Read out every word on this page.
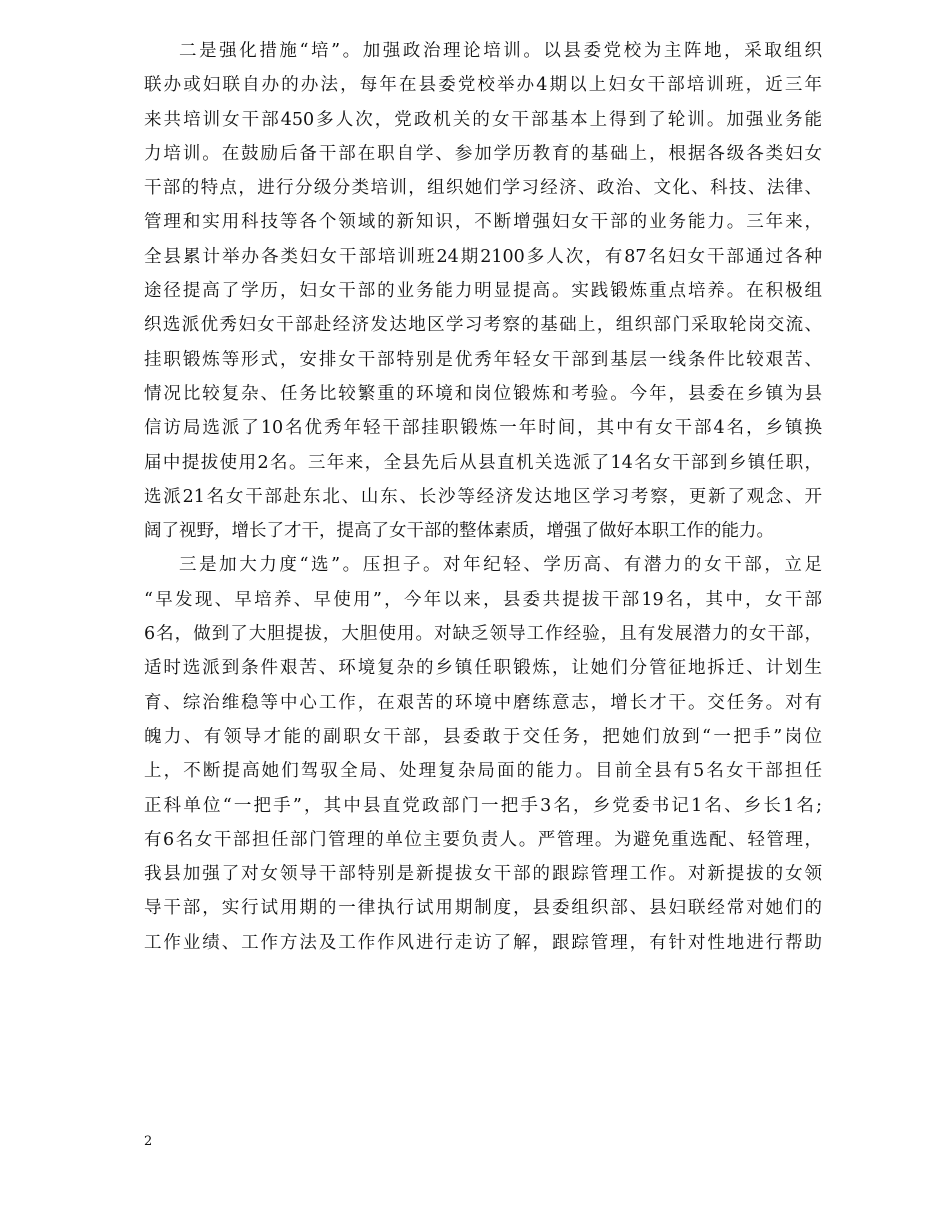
二是强化措施“培”。加强政治理论培训。以县委党校为主阵地，采取组织
联办或妇联自办的办法，每年在县委党校举办4期以上妇女干部培训班，近三年
来共培训女干部450多人次，党政机关的女干部基本上得到了轮训。加强业务能
力培训。在鼓励后备干部在职自学、参加学历教育的基础上，根据各级各类妇女
干部的特点，进行分级分类培训，组织她们学习经济、政治、文化、科技、法律、
管理和实用科技等各个领域的新知识，不断增强妇女干部的业务能力。三年来，
全县累计举办各类妇女干部培训班24期2100多人次，有87名妇女干部通过各种
途径提高了学历，妇女干部的业务能力明显提高。实践锻炼重点培养。在积极组
织选派优秀妇女干部赴经济发达地区学习考察的基础上，组织部门采取轮岗交流、
挂职锻炼等形式，安排女干部特别是优秀年轻女干部到基层一线条件比较艰苦、
情况比较复杂、任务比较繁重的环境和岗位锻炼和考验。今年，县委在乡镇为县
信访局选派了10名优秀年轻干部挂职锻炼一年时间，其中有女干部4名，乡镇换
届中提拔使用2名。三年来，全县先后从县直机关选派了14名女干部到乡镇任职，
选派21名女干部赴东北、山东、长沙等经济发达地区学习考察，更新了观念、开
阔了视野，增长了才干，提高了女干部的整体素质，增强了做好本职工作的能力。
三是加大力度“选”。压担子。对年纪轻、学历高、有潜力的女干部，立足
“早发现、早培养、早使用”，今年以来，县委共提拔干部19名，其中，女干部
6名，做到了大胆提拔，大胆使用。对缺乏领导工作经验，且有发展潜力的女干部，
适时选派到条件艰苦、环境复杂的乡镇任职锻炼，让她们分管征地拆迁、计划生
育、综治维稳等中心工作，在艰苦的环境中磨练意志，增长才干。交任务。对有
魄力、有领导才能的副职女干部，县委敢于交任务，把她们放到“一把手”岗位
上，不断提高她们驾驭全局、处理复杂局面的能力。目前全县有5名女干部担任
正科单位“一把手”，其中县直党政部门一把手3名，乡党委书记1名、乡长1名;
有6名女干部担任部门管理的单位主要负责人。严管理。为避免重选配、轻管理，
我县加强了对女领导干部特别是新提拔女干部的跟踪管理工作。对新提拔的女领
导干部，实行试用期的一律执行试用期制度，县委组织部、县妇联经常对她们的
工作业绩、工作方法及工作作风进行走访了解，跟踪管理，有针对性地进行帮助
2
